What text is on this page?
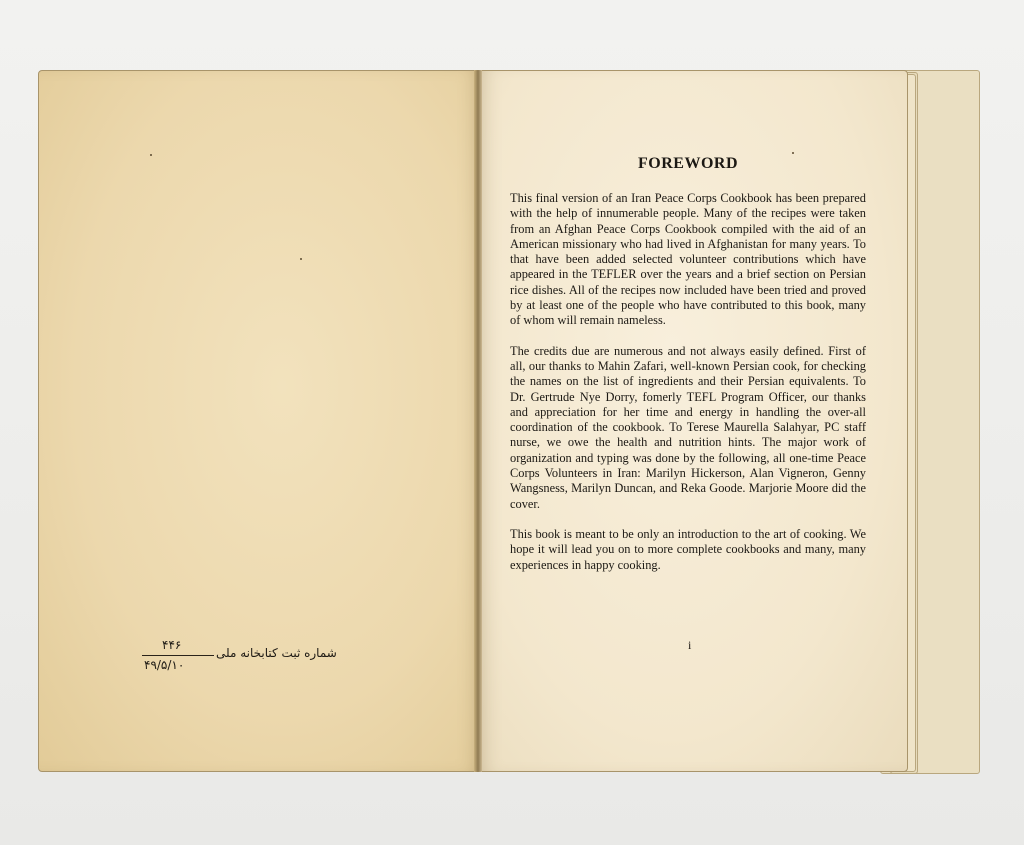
۴۴۶
۴۹/۵/۱۰
شماره ثبت کتابخانه ملی
FOREWORD

This final version of an Iran Peace Corps Cookbook has been prepared with the help of innumerable people. Many of the recipes were taken from an Afghan Peace Corps Cookbook compiled with the aid of an American missionary who had lived in Afghanistan for many years. To that have been added selected volunteer contributions which have appeared in the TEFLER over the years and a brief section on Persian rice dishes. All of the recipes now included have been tried and proved by at least one of the people who have contributed to this book, many of whom will remain nameless.

The credits due are numerous and not always easily defined. First of all, our thanks to Mahin Zafari, well-known Persian cook, for checking the names on the list of ingredients and their Persian equivalents. To Dr. Gertrude Nye Dorry, fomerly TEFL Program Officer, our thanks and appreciation for her time and energy in handling the over-all coordination of the cookbook. To Terese Maurella Salahyar, PC staff nurse, we owe the health and nutrition hints. The major work of organization and typing was done by the following, all one-time Peace Corps Volunteers in Iran: Marilyn Hickerson, Alan Vigneron, Genny Wangsness, Marilyn Duncan, and Reka Goode. Marjorie Moore did the cover.

This book is meant to be only an introduction to the art of cooking. We hope it will lead you on to more complete cookbooks and many, many experiences in happy cooking.

i
